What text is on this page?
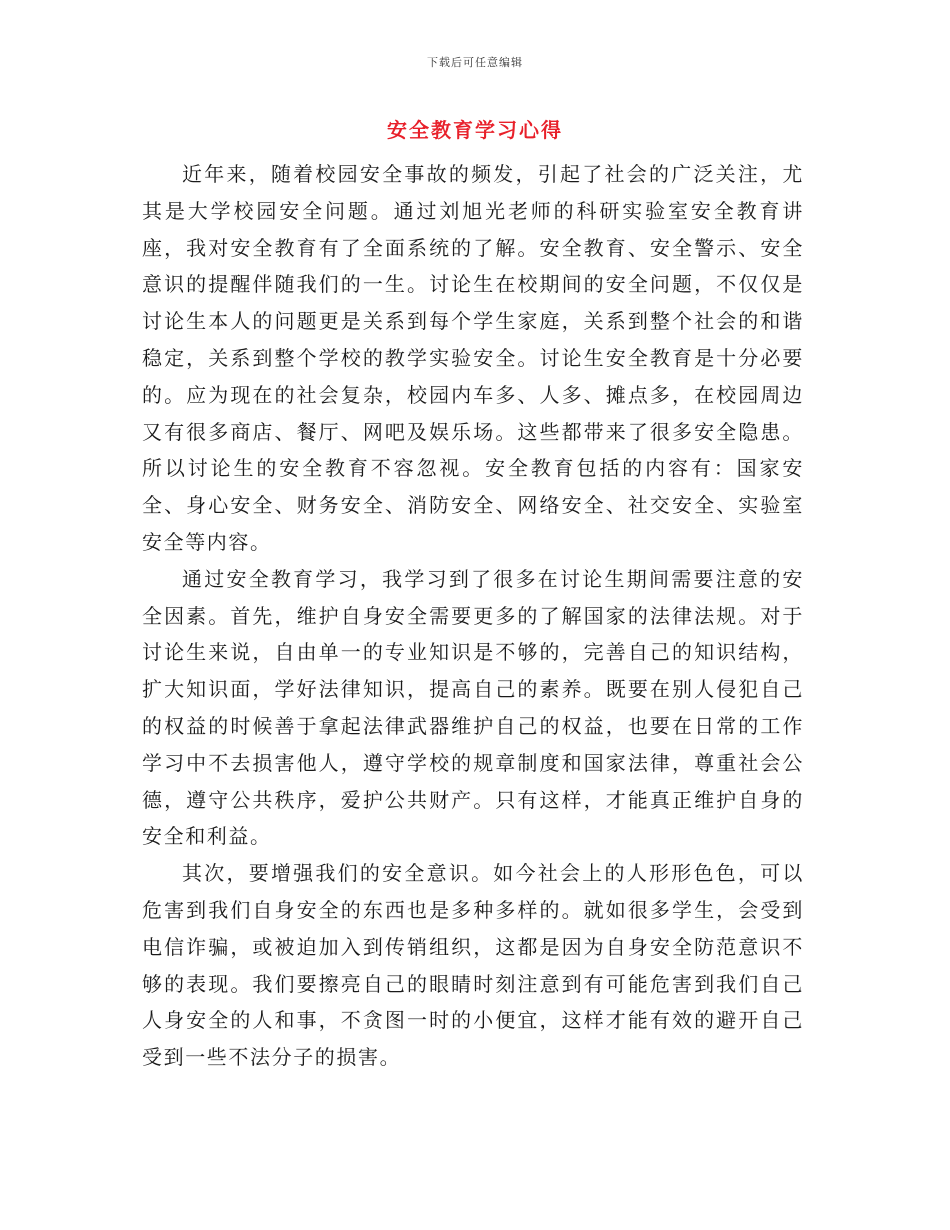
下载后可任意编辑
安全教育学习心得

近年来，随着校园安全事故的频发，引起了社会的广泛关注，尤其是大学校园安全问题。通过刘旭光老师的科研实验室安全教育讲座，我对安全教育有了全面系统的了解。安全教育、安全警示、安全意识的提醒伴随我们的一生。讨论生在校期间的安全问题，不仅仅是讨论生本人的问题更是关系到每个学生家庭，关系到整个社会的和谐稳定，关系到整个学校的教学实验安全。讨论生安全教育是十分必要的。应为现在的社会复杂，校园内车多、人多、摊点多，在校园周边又有很多商店、餐厅、网吧及娱乐场。这些都带来了很多安全隐患。所以讨论生的安全教育不容忽视。安全教育包括的内容有：国家安全、身心安全、财务安全、消防安全、网络安全、社交安全、实验室安全等内容。

通过安全教育学习，我学习到了很多在讨论生期间需要注意的安全因素。首先，维护自身安全需要更多的了解国家的法律法规。对于讨论生来说，自由单一的专业知识是不够的，完善自己的知识结构，扩大知识面，学好法律知识，提高自己的素养。既要在别人侵犯自己的权益的时候善于拿起法律武器维护自己的权益，也要在日常的工作学习中不去损害他人，遵守学校的规章制度和国家法律，尊重社会公德，遵守公共秩序，爱护公共财产。只有这样，才能真正维护自身的安全和利益。

其次，要增强我们的安全意识。如今社会上的人形形色色，可以危害到我们自身安全的东西也是多种多样的。就如很多学生，会受到电信诈骗，或被迫加入到传销组织，这都是因为自身安全防范意识不够的表现。我们要擦亮自己的眼睛时刻注意到有可能危害到我们自己人身安全的人和事，不贪图一时的小便宜，这样才能有效的避开自己受到一些不法分子的损害。
